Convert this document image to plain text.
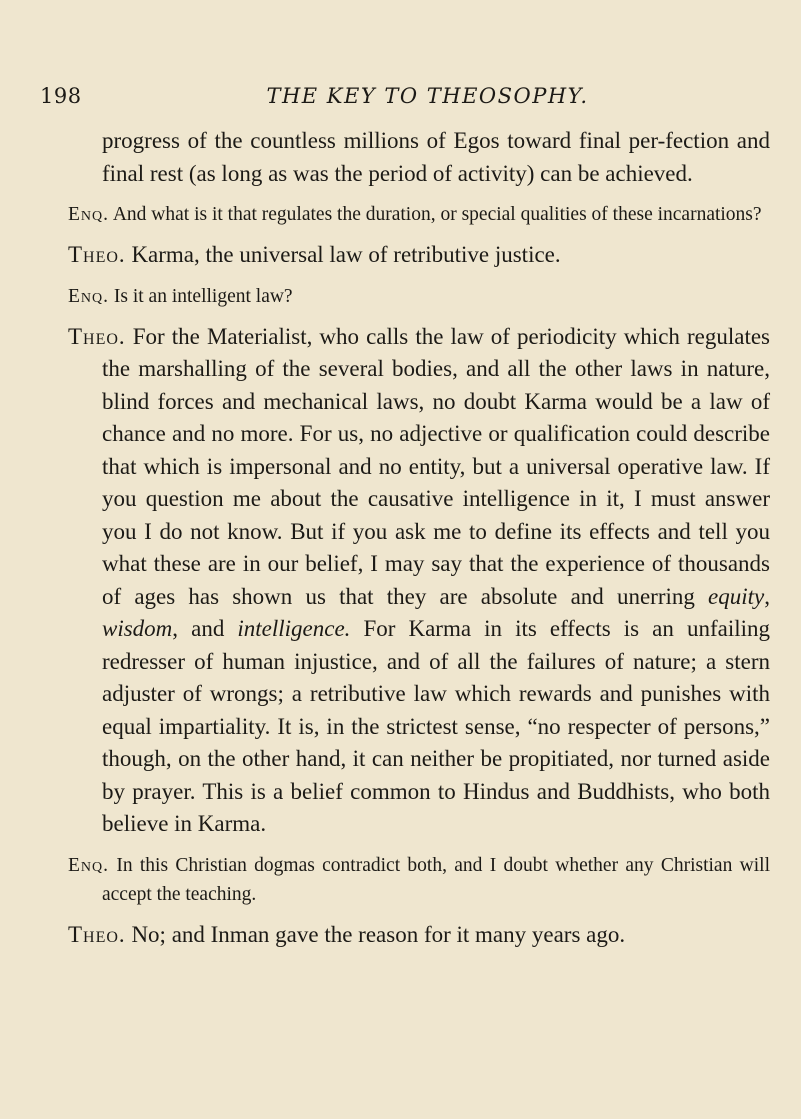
198	THE KEY TO THEOSOPHY.

progress of the countless millions of Egos toward final per-fection and final rest (as long as was the period of activity) can be achieved.

Enq. And what is it that regulates the duration, or special qualities of these incarnations?

Theo. Karma, the universal law of retributive justice.

Enq. Is it an intelligent law?

Theo. For the Materialist, who calls the law of periodicity which regulates the marshalling of the several bodies, and all the other laws in nature, blind forces and mechanical laws, no doubt Karma would be a law of chance and no more. For us, no adjective or qualification could describe that which is impersonal and no entity, but a universal operative law. If you question me about the causative intelligence in it, I must answer you I do not know. But if you ask me to define its effects and tell you what these are in our belief, I may say that the experience of thousands of ages has shown us that they are absolute and unerring equity, wisdom, and intelligence. For Karma in its effects is an unfailing redresser of human injustice, and of all the failures of nature; a stern adjuster of wrongs; a retributive law which rewards and punishes with equal impartiality. It is, in the strictest sense, “no respecter of persons,” though, on the other hand, it can neither be propitiated, nor turned aside by prayer. This is a belief common to Hindus and Buddhists, who both believe in Karma.

Enq. In this Christian dogmas contradict both, and I doubt whether any Christian will accept the teaching.

Theo. No; and Inman gave the reason for it many years ago.
